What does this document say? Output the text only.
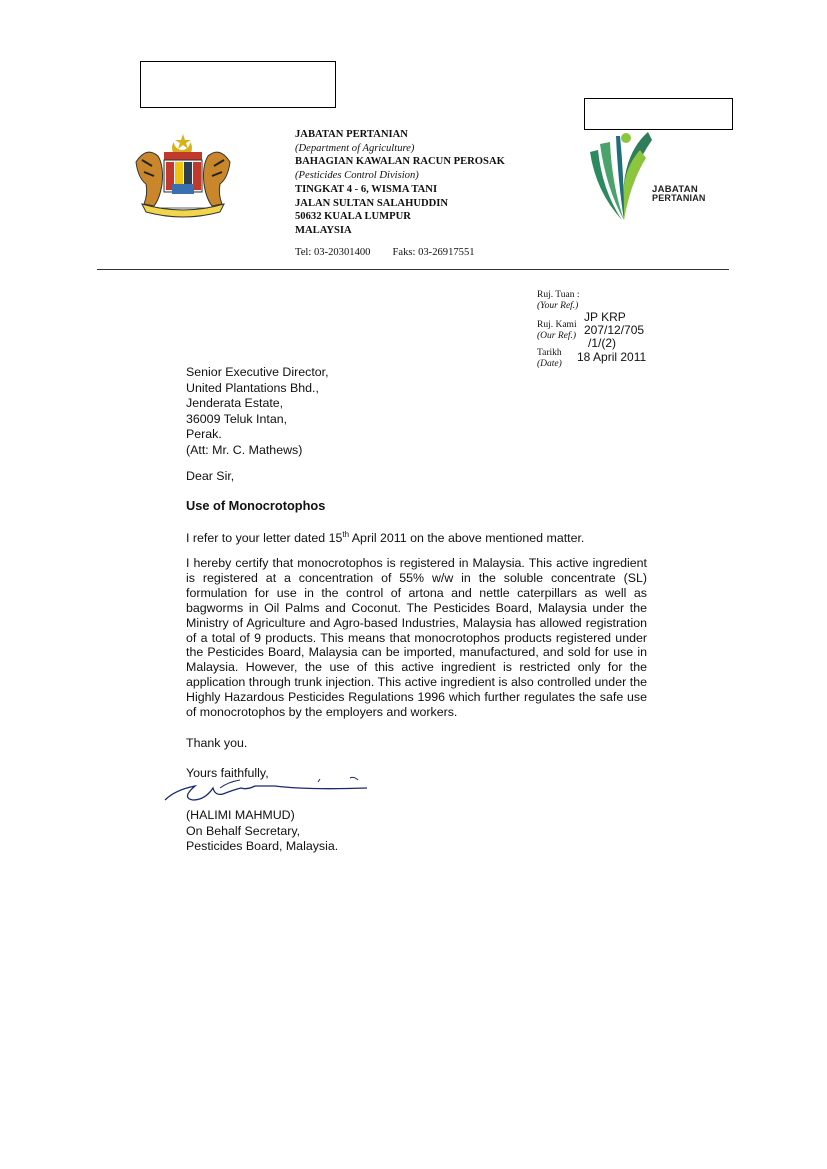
JABATAN PERTANIAN
(Department of Agriculture)
BAHAGIAN KAWALAN RACUN PEROSAK
(Pesticides Control Division)
TINGKAT 4 - 6, WISMA TANI
JALAN SULTAN SALAHUDDIN
50632 KUALA LUMPUR
MALAYSIA
Tel: 03-20301400 Faks: 03-26917551
JABATAN
PERTANIAN
Ruj. Tuan :
(Your Ref.)
Ruj. Kami
(Our Ref.)
JP KRP
207/12/705
/1/(2)
Tarikh
(Date) 18 April 2011
Senior Executive Director,
United Plantations Bhd.,
Jenderata Estate,
36009 Teluk Intan,
Perak.
(Att: Mr. C. Mathews)
Dear Sir,
Use of Monocrotophos
I refer to your letter dated 15th April 2011 on the above mentioned matter.
I hereby certify that monocrotophos is registered in Malaysia. This active ingredient is registered at a concentration of 55% w/w in the soluble concentrate (SL) formulation for use in the control of artona and nettle caterpillars as well as bagworms in Oil Palms and Coconut. The Pesticides Board, Malaysia under the Ministry of Agriculture and Agro-based Industries, Malaysia has allowed registration of a total of 9 products. This means that monocrotophos products registered under the Pesticides Board, Malaysia can be imported, manufactured, and sold for use in Malaysia. However, the use of this active ingredient is restricted only for the application through trunk injection. This active ingredient is also controlled under the Highly Hazardous Pesticides Regulations 1996 which further regulates the safe use of monocrotophos by the employers and workers.
Thank you.
Yours faithfully,
(HALIMI MAHMUD)
On Behalf Secretary,
Pesticides Board, Malaysia.
